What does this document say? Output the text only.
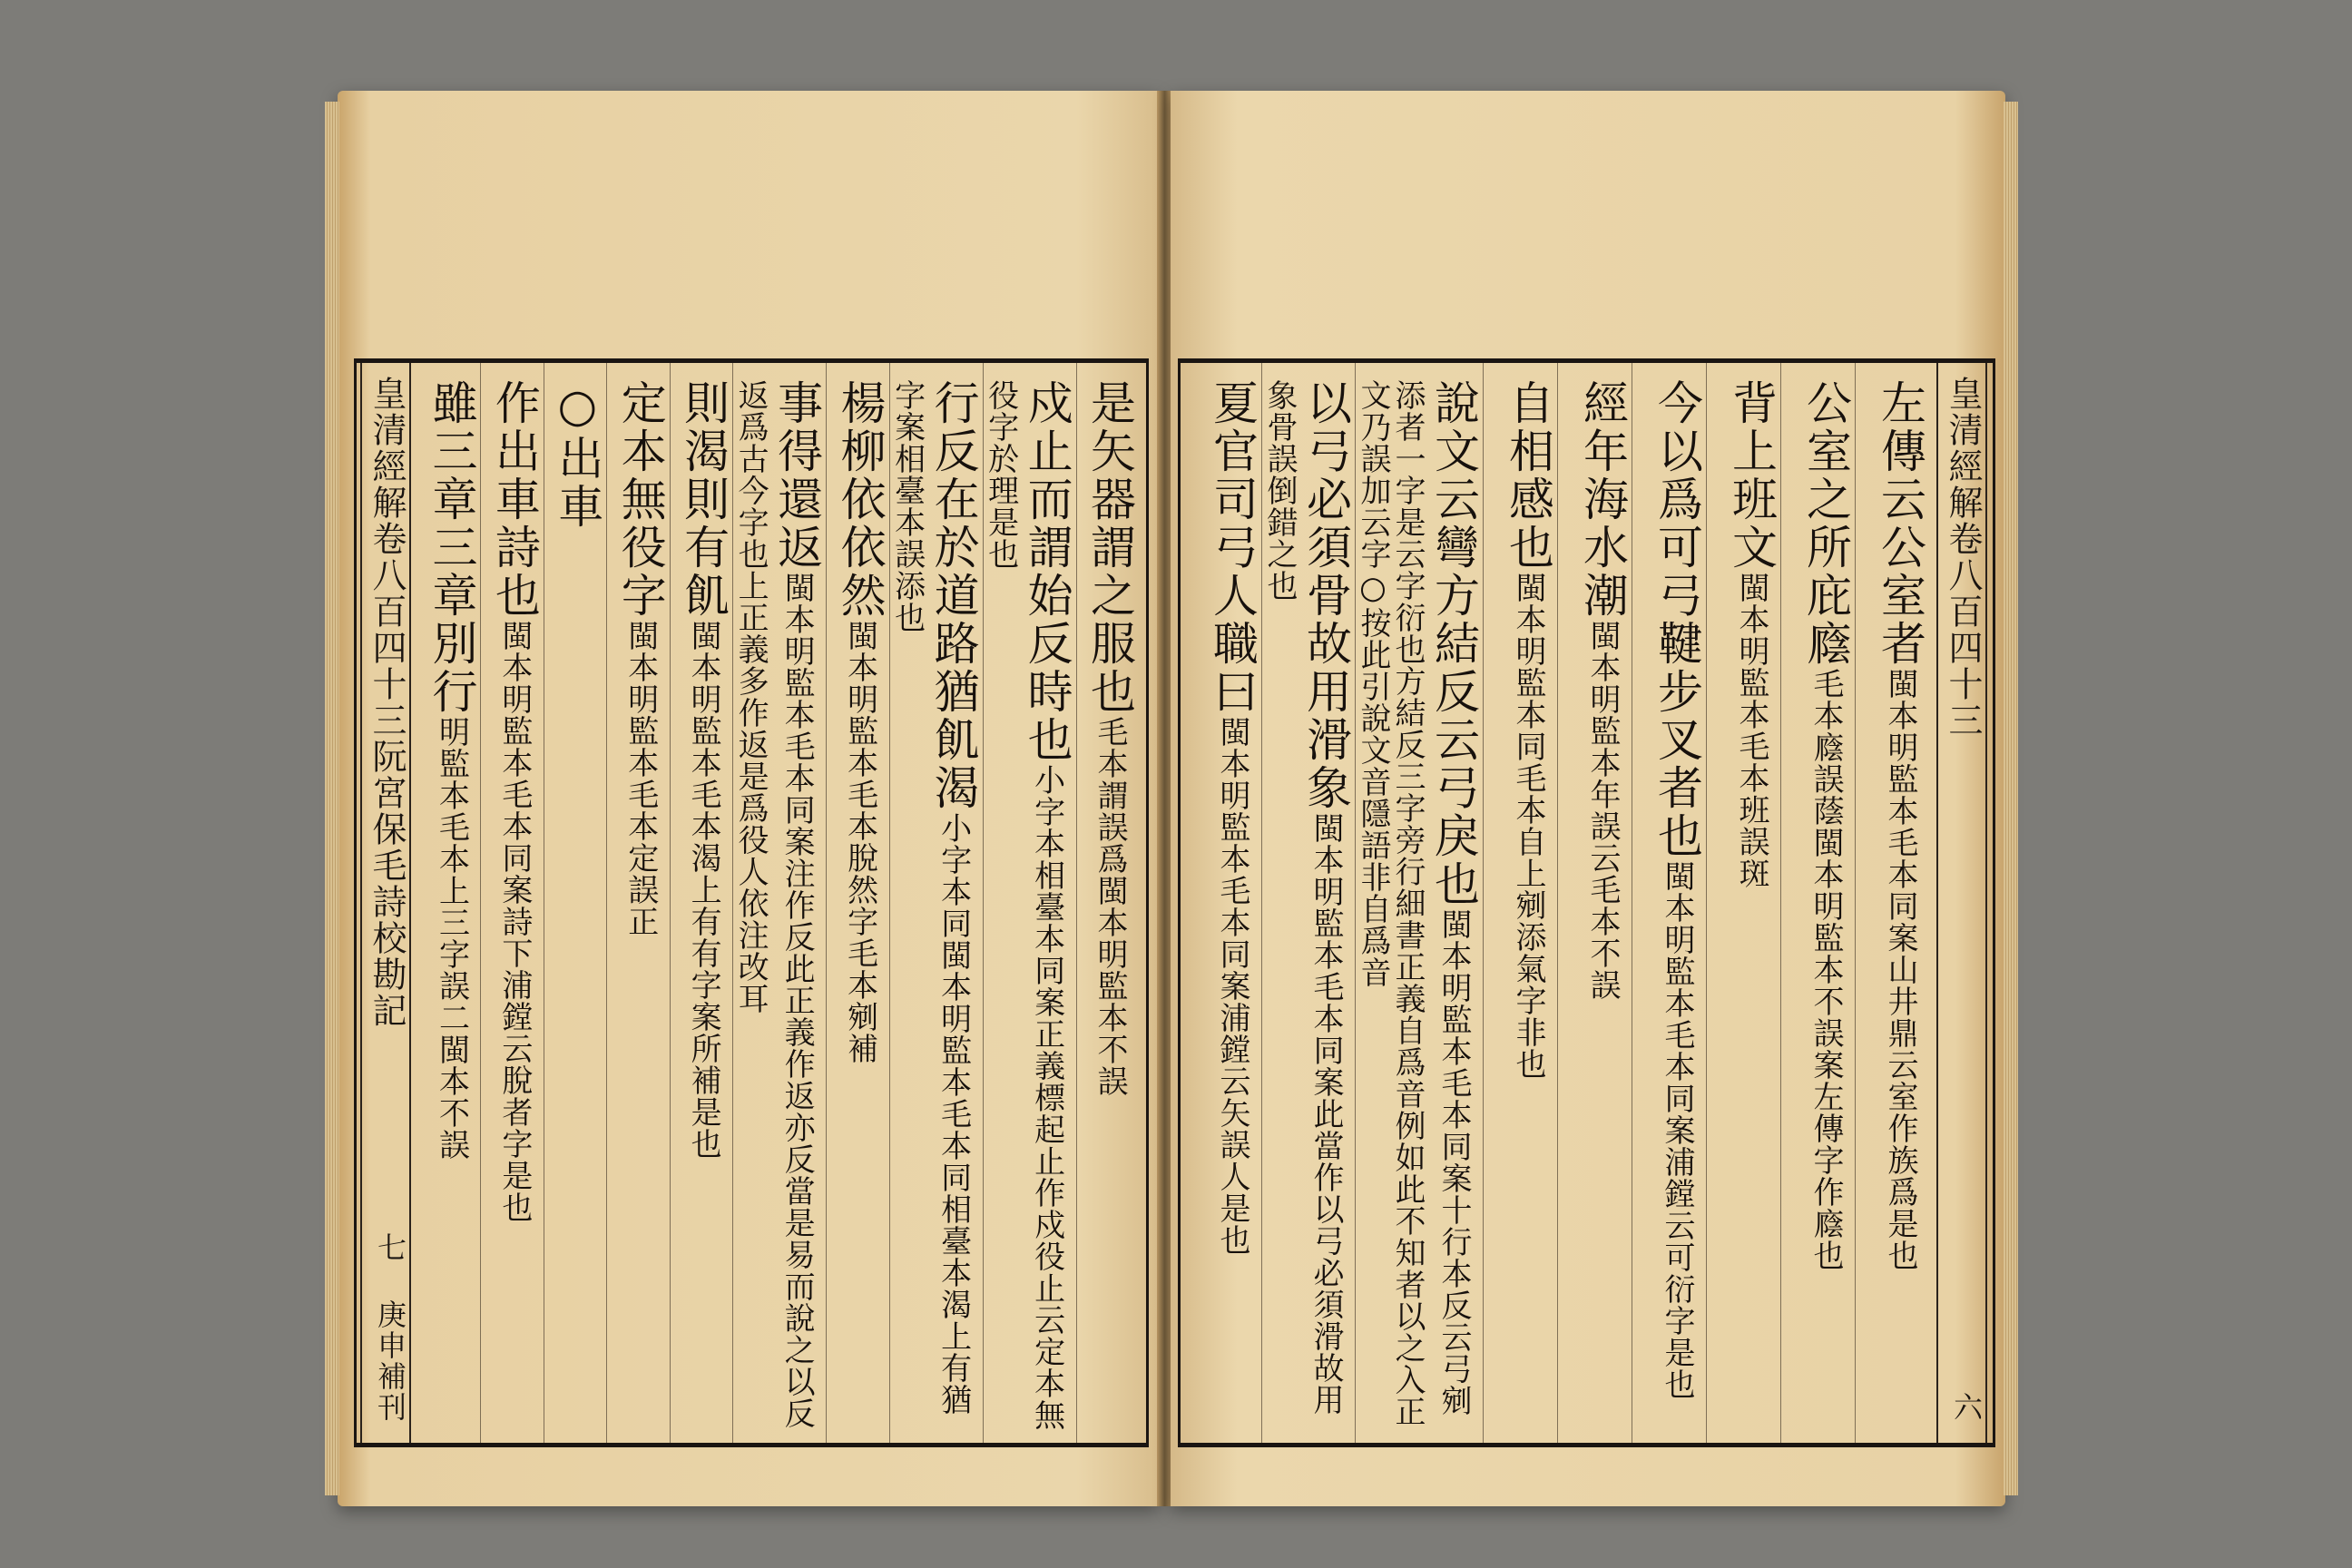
是矢器謂之服也毛本謂誤爲閩本明監本不誤
戍止而謂始反時也小字本相臺本同案正義標起止作戍役止云定本無役字於理是也
行反在於道路猶飢渴小字本同閩本明監本毛本同相臺本渴上有猶字案相臺本誤添也
楊柳依依然閩本明監本毛本脫然字毛本剜補
事得還返閩本明監本毛本同案注作反此正義作返亦反當是易而說之以反返爲古今字也上正義多作返是爲役人依注改耳
則渴則有飢閩本明監本毛本渴上有有字案所補是也
定本無役字閩本明監本毛本定誤正
○出車
作出車詩也閩本明監本毛本同案詩下浦鏜云脫者字是也
雖三章三章別行明監本毛本上三字誤二閩本不誤
皇清經解卷八百四十三阮宮保毛詩校勘記
七 庚申補刊
皇清經解卷八百四十三
六
左傳云公室者閩本明監本毛本同案山井鼎云室作族爲是也
公室之所庇廕毛本廕誤蔭閩本明監本不誤案左傳字作廕也
背上班文閩本明監本毛本班誤斑
今以爲可弓鞬步叉者也閩本明監本毛本同案浦鏜云可衍字是也
經年海水潮閩本明監本年誤云毛本不誤
自相感也閩本明監本同毛本自上剜添氣字非也
說文云彎方結反云弓戾也閩本明監本毛本同案十行本反云弓剜添者一字是云字衍也方結反三字旁行細書正義自爲音例如此不知者以之入正文乃誤加云字○按此引說文音隱語非自爲音
以弓必須骨故用滑象閩本明監本毛本同案此當作以弓必須滑故用象骨誤倒錯之也
夏官司弓人職曰閩本明監本毛本同案浦鏜云矢誤人是也
